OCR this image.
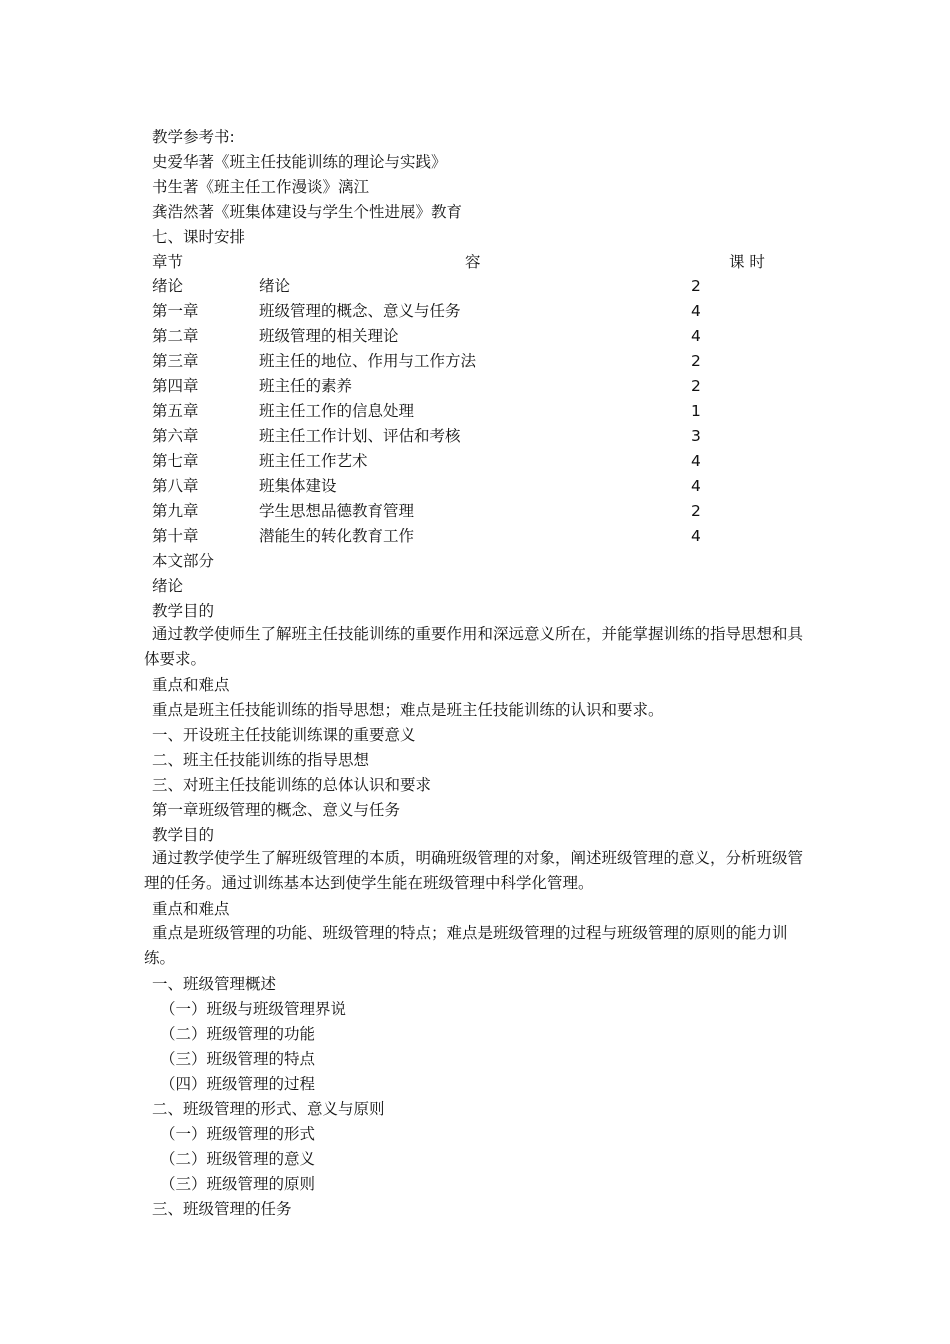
教学参考书:
史爱华著《班主任技能训练的理论与实践》
书生著《班主任工作漫谈》漓江
龚浩然著《班集体建设与学生个性进展》教育
七、课时安排
章节	容	课 时
绪论	绪论	2
第一章	班级管理的概念、意义与任务	4
第二章	班级管理的相关理论	4
第三章	班主任的地位、作用与工作方法	2
第四章	班主任的素养	2
第五章	班主任工作的信息处理	1
第六章	班主任工作计划、评估和考核	3
第七章	班主任工作艺术	4
第八章	班集体建设	4
第九章	学生思想品德教育管理	2
第十章	潜能生的转化教育工作	4
本文部分
绪论
教学目的
通过教学使师生了解班主任技能训练的重要作用和深远意义所在，并能掌握训练的指导思想和具体要求。
重点和难点
重点是班主任技能训练的指导思想；难点是班主任技能训练的认识和要求。
一、开设班主任技能训练课的重要意义
二、班主任技能训练的指导思想
三、对班主任技能训练的总体认识和要求
第一章班级管理的概念、意义与任务
教学目的
通过教学使学生了解班级管理的本质，明确班级管理的对象，阐述班级管理的意义，分析班级管理的任务。通过训练基本达到使学生能在班级管理中科学化管理。
重点和难点
重点是班级管理的功能、班级管理的特点；难点是班级管理的过程与班级管理的原则的能力训练。
一、班级管理概述
（一）班级与班级管理界说
（二）班级管理的功能
（三）班级管理的特点
（四）班级管理的过程
二、班级管理的形式、意义与原则
（一）班级管理的形式
（二）班级管理的意义
（三）班级管理的原则
三、班级管理的任务
